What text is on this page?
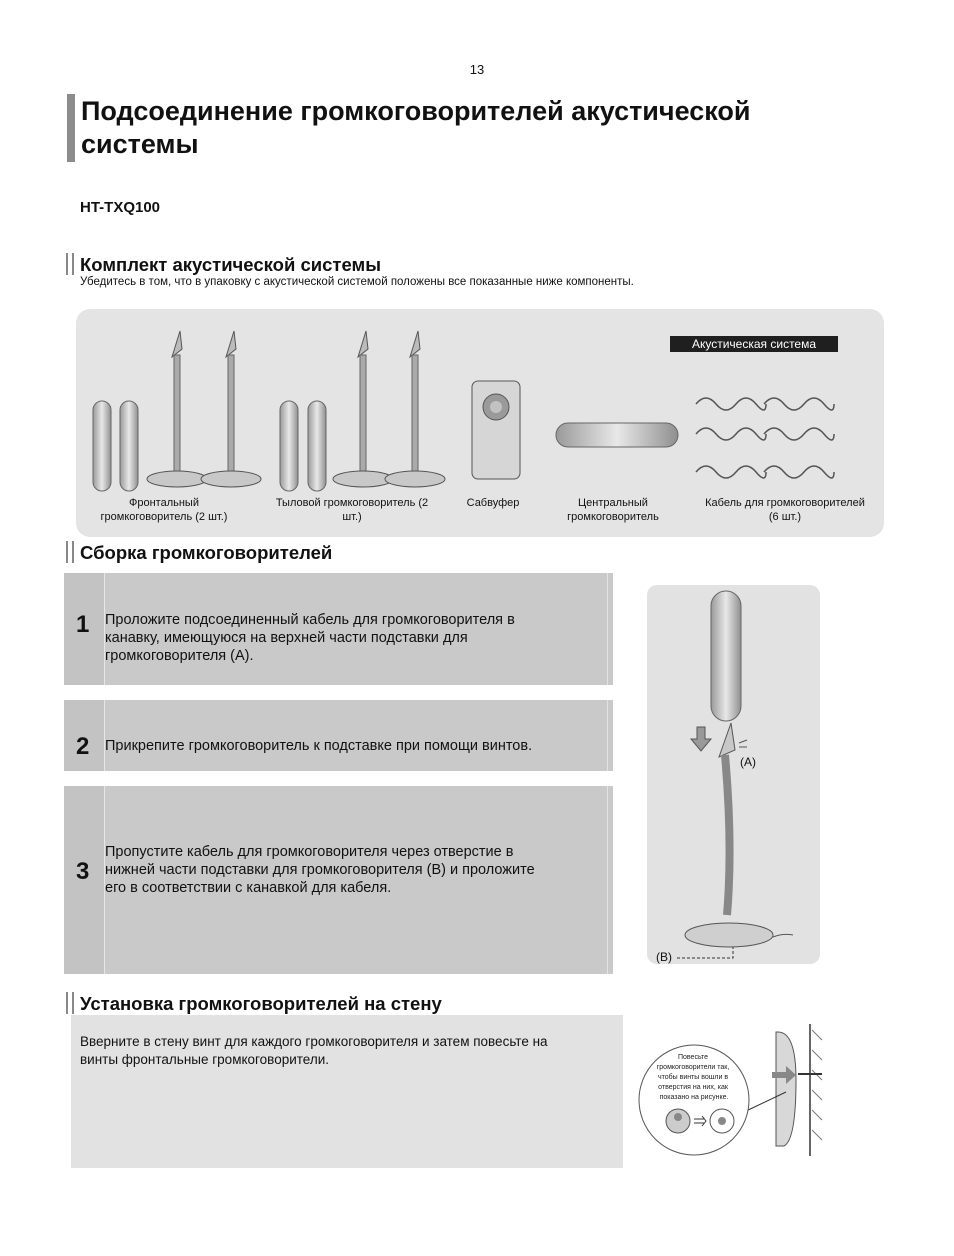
13
Подсоединение громкоговорителей акустической
системы
HT-TXQ100
Комплект акустической системы
Убедитесь в том, что в упаковку с акустической системой положены все показанные ниже компоненты.
Акустическая система
Фронтальный
громкоговоритель (2 шт.)
Тыловой громкоговоритель (2
шт.)
Сабвуфер	Центральный
громкоговоритель
Кабель для громкоговорителей
(6 шт.)
Сборка громкоговорителей
1 Проложите подсоединенный кабель для громкоговорителя в
канавку, имеющуюся на верхней части подставки для
громкоговорителя (А).
2 Прикрепите громкоговоритель к подставке при помощи винтов.
3
Пропустите кабель для громкоговорителя через отверстие в
нижней части подставки для громкоговорителя (В) и проложите
его в соответствии с канавкой для кабеля.
(A)
(B)
Установка громкоговорителей на стену
Вверните в стену винт для каждого громкоговорителя и затем повесьте на
винты фронтальные громкоговорители.	Повесьте громкоговорители так, чтобы винты вошли в отверстия на них, как показано на рисунке.
